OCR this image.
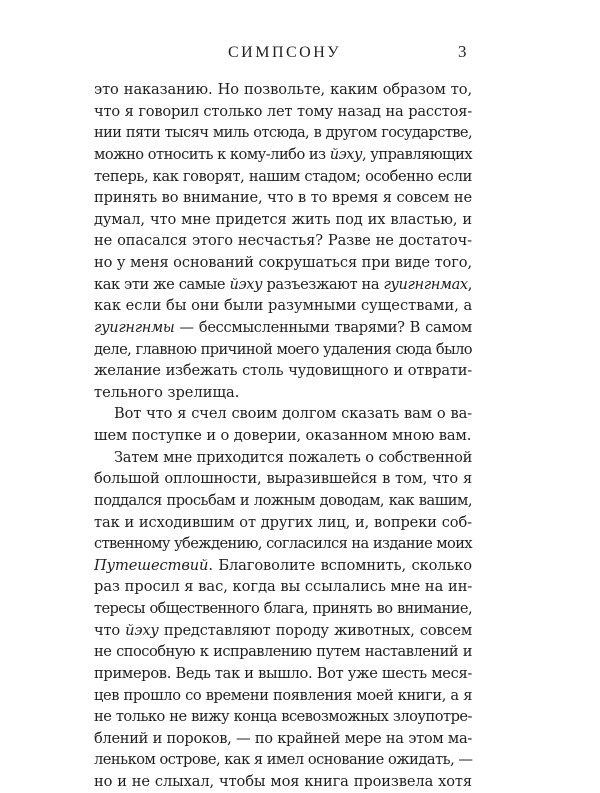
СИМПСОНУ	3
это наказанию. Но позвольте, каким образом то,
что я говорил столько лет тому назад на расстоя-
нии пяти тысяч миль отсюда, в другом государстве,
можно относить к кому-либо из йэху, управляющих
теперь, как говорят, нашим стадом; особенно если
принять во внимание, что в то время я совсем не
думал, что мне придется жить под их властью, и
не опасался этого несчастья? Разве не достаточ-
но у меня оснований сокрушаться при виде того,
как эти же самые йэху разъезжают на гуигнгнмах,
как если бы они были разумными существами, а
гуигнгнмы — бессмысленными тварями? В самом
деле, главною причиной моего удаления сюда было
желание избежать столь чудовищного и отврати-
тельного зрелища.
Вот что я счел своим долгом сказать вам о ва-
шем поступке и о доверии, оказанном мною вам.
Затем мне приходится пожалеть о собственной
большой оплошности, выразившейся в том, что я
поддался просьбам и ложным доводам, как вашим,
так и исходившим от других лиц, и, вопреки соб-
ственному убеждению, согласился на издание моих
Путешествий. Благоволите вспомнить, сколько
раз просил я вас, когда вы ссылались мне на ин-
тересы общественного блага, принять во внимание,
что йэху представляют породу животных, совсем
не способную к исправлению путем наставлений и
примеров. Ведь так и вышло. Вот уже шесть меся-
цев прошло со времени появления моей книги, а я
не только не вижу конца всевозможных злоупотре-
блений и пороков, — по крайней мере на этом ма-
леньком острове, как я имел основание ожидать, —
но и не слыхал, чтобы моя книга произвела хотя
